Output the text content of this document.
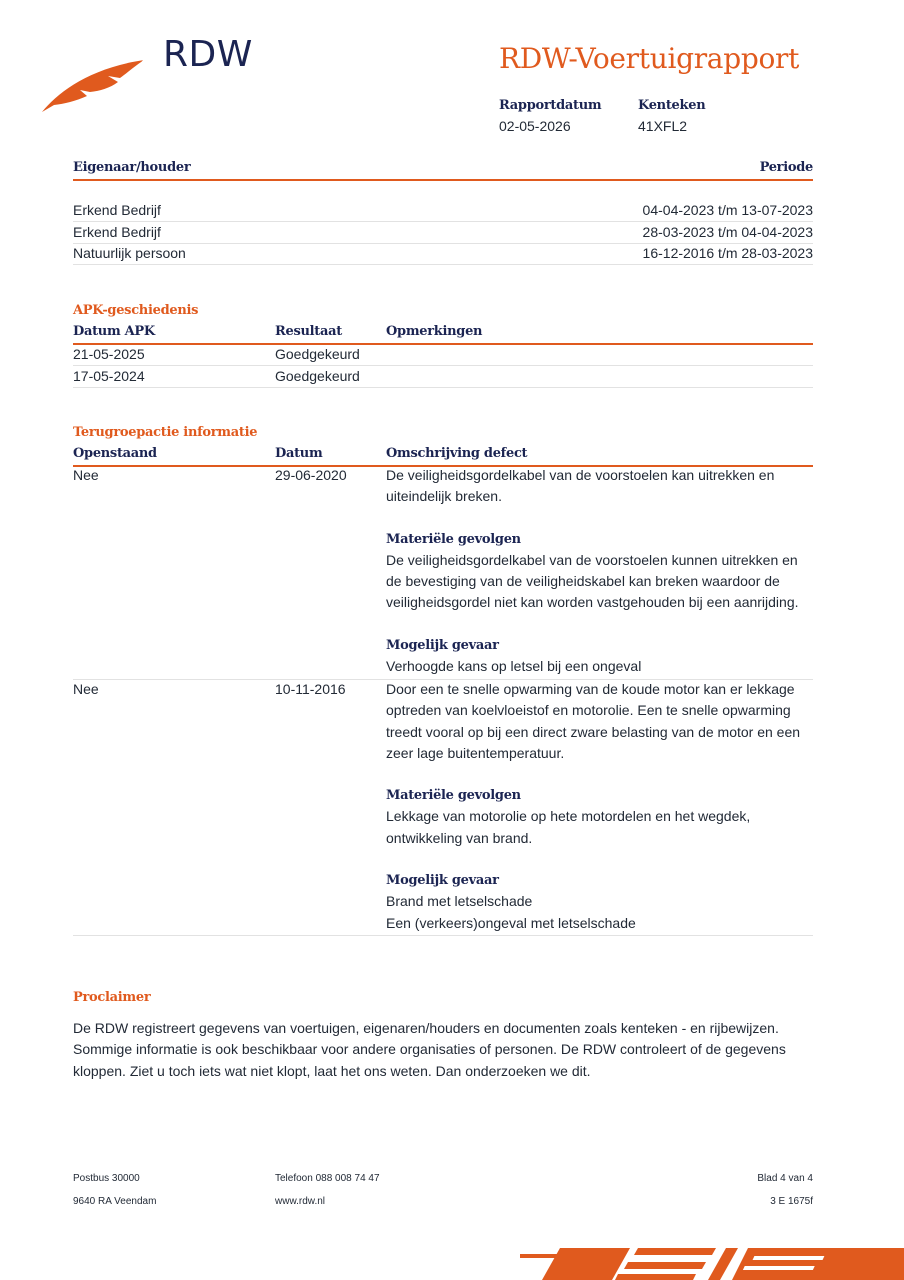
RDW	RDW-Voertuigrapport
Rapportdatum
02-05-2026
Kenteken
41XFL2
Eigenaar/houder	Periode
Erkend Bedrijf	04-04-2023 t/m 13-07-2023
Erkend Bedrijf	28-03-2023 t/m 04-04-2023
Natuurlijk persoon	16-12-2016 t/m 28-03-2023
APK-geschiedenis
Datum APK	Resultaat	Opmerkingen
21-05-2025	Goedgekeurd
17-05-2024	Goedgekeurd
Terugroepactie informatie
Openstaand	Datum	Omschrijving defect
Nee	29-06-2020	De veiligheidsgordelkabel van de voorstoelen kan uitrekken en
uiteindelijk breken.
Materiële gevolgen
De veiligheidsgordelkabel van de voorstoelen kunnen uitrekken en
de bevestiging van de veiligheidskabel kan breken waardoor de
veiligheidsgordel niet kan worden vastgehouden bij een aanrijding.
Mogelijk gevaar
Verhoogde kans op letsel bij een ongeval
Nee	10-11-2016	Door een te snelle opwarming van de koude motor kan er lekkage
optreden van koelvloeistof en motorolie. Een te snelle opwarming
treedt vooral op bij een direct zware belasting van de motor en een
zeer lage buitentemperatuur.
Materiële gevolgen
Lekkage van motorolie op hete motordelen en het wegdek,
ontwikkeling van brand.
Mogelijk gevaar
Brand met letselschade
Een (verkeers)ongeval met letselschade
Proclaimer
De RDW registreert gegevens van voertuigen, eigenaren/houders en documenten zoals kenteken - en rijbewijzen.
Sommige informatie is ook beschikbaar voor andere organisaties of personen. De RDW controleert of de gegevens
kloppen. Ziet u toch iets wat niet klopt, laat het ons weten. Dan onderzoeken we dit.
Postbus 30000
9640 RA Veendam
Telefoon 088 008 74 47
www.rdw.nl
Blad 4 van 4
3 E 1675f
